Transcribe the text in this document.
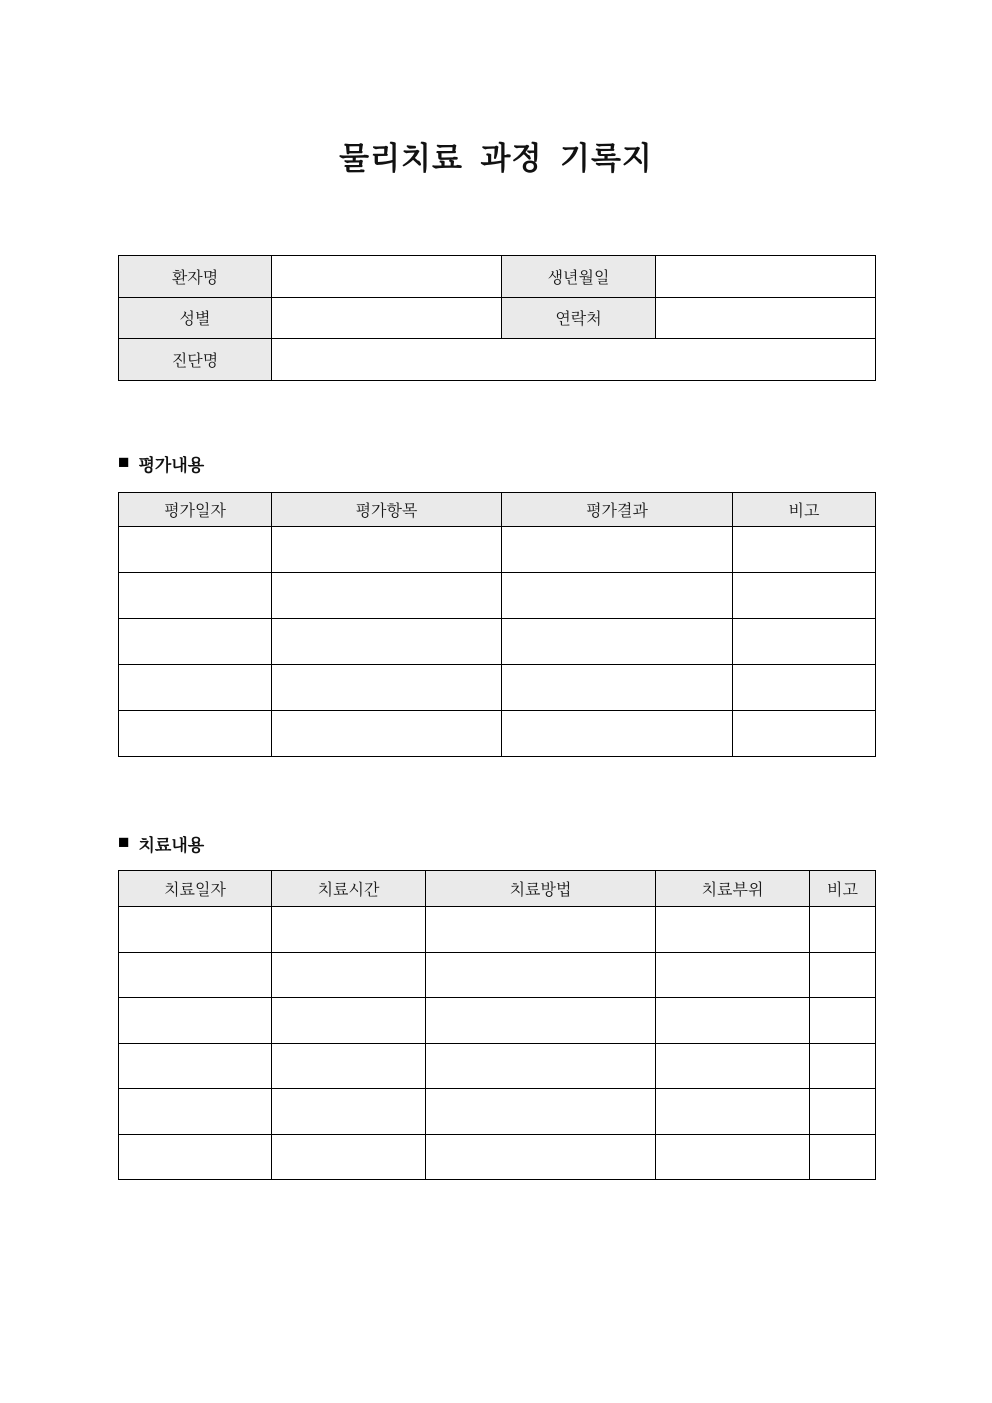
물리치료 과정 기록지
환자명		생년월일	
성별		연락처	
진단명			
■ 평가내용
평가일자	평가항목	평가결과	비고

■ 치료내용
치료일자	치료시간	치료방법	치료부위	비고
